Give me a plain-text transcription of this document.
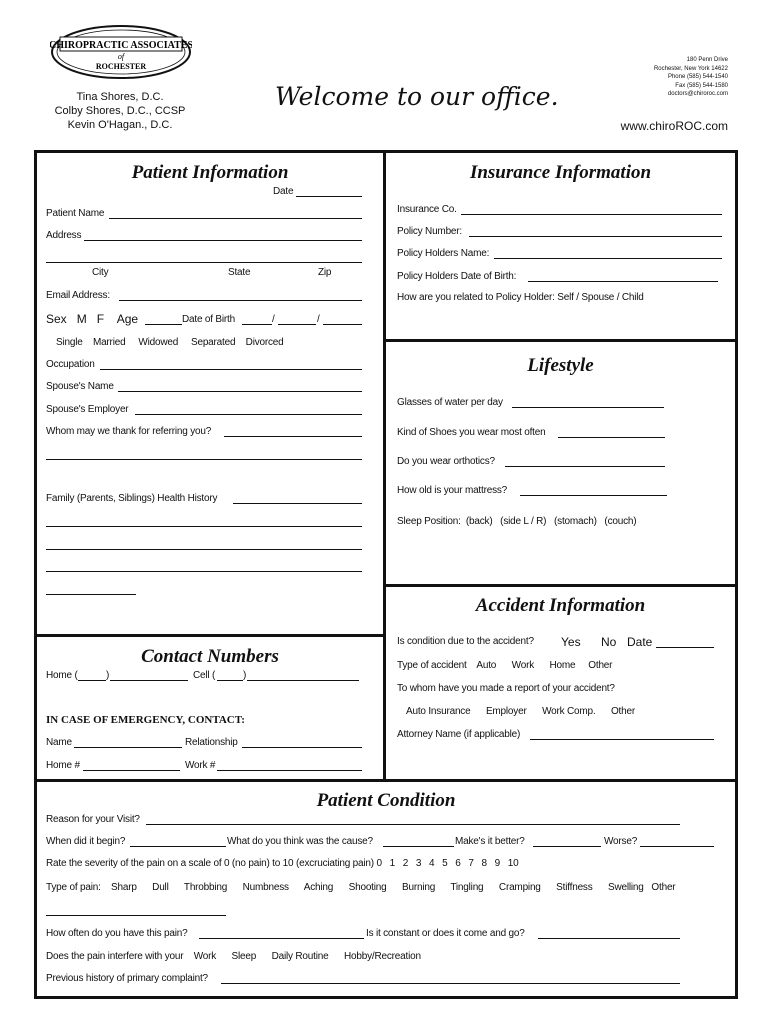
CHIROPRACTIC ASSOCIATES
of
ROCHESTER
Tina Shores, D.C.
Colby Shores, D.C., CCSP
Kevin O'Hagan., D.C.
Welcome to our office.
180 Penn Drive
Rochester, New York 14622
Phone (585) 544-1540
Fax (585) 544-1580
doctors@chiroroc.com
www.chiroROC.com
Patient Information
Date
Patient Name
Address
City	State	Zip
Email Address:
Sex M F Age	Date of Birth	/	/
Single Married Widowed Separated Divorced
Occupation
Spouse's Name
Spouse's Employer
Whom may we thank for referring you?
Family (Parents, Siblings) Health History
Insurance Information
Insurance Co.
Policy Number:
Policy Holders Name:
Policy Holders Date of Birth:
How are you related to Policy Holder: Self / Spouse / Child
Lifestyle
Glasses of water per day
Kind of Shoes you wear most often
Do you wear orthotics?
How old is your mattress?
Sleep Position:  (back)   (side L / R)   (stomach)   (couch)
Contact Numbers
Home (	)	Cell (	)
IN CASE OF EMERGENCY, CONTACT:
Name	Relationship
Home #	Work #
Accident Information
Is condition due to the accident? Yes No Date
Type of accident Auto Work Home Other
To whom have you made a report of your accident?
Auto Insurance Employer Work Comp. Other
Attorney Name (if applicable)
Patient Condition
Reason for your Visit?
When did it begin?	What do you think was the cause?	Make's it better?	Worse?
Rate the severity of the pain on a scale of 0 (no pain) to 10 (excruciating pain) 0 1 2 3 4 5 6 7 8 9 10
Type of pain: Sharp Dull Throbbing Numbness Aching Shooting Burning Tingling Cramping Stiffness Swelling Other
How often do you have this pain?	Is it constant or does it come and go?
Does the pain interfere with your Work Sleep Daily Routine Hobby/Recreation
Previous history of primary complaint?
